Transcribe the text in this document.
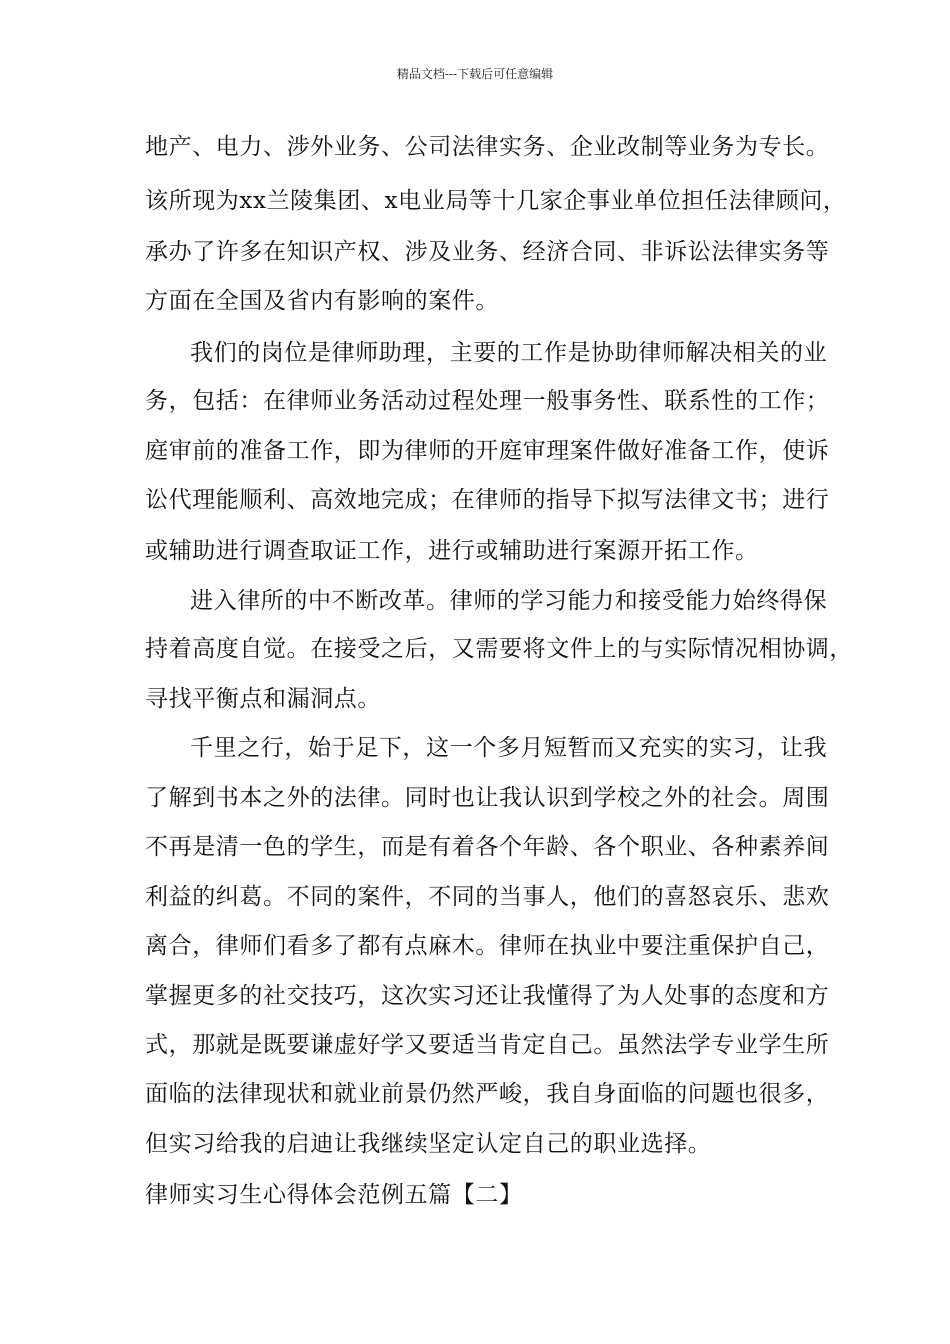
精品文档---下载后可任意编辑
地产、电力、涉外业务、公司法律实务、企业改制等业务为专长。
该所现为xx兰陵集团、x电业局等十几家企事业单位担任法律顾问，
承办了许多在知识产权、涉及业务、经济合同、非诉讼法律实务等
方面在全国及省内有影响的案件。
我们的岗位是律师助理，主要的工作是协助律师解决相关的业
务，包括：在律师业务活动过程处理一般事务性、联系性的工作；
庭审前的准备工作，即为律师的开庭审理案件做好准备工作，使诉
讼代理能顺利、高效地完成；在律师的指导下拟写法律文书；进行
或辅助进行调查取证工作，进行或辅助进行案源开拓工作。
进入律所的中不断改革。律师的学习能力和接受能力始终得保
持着高度自觉。在接受之后，又需要将文件上的与实际情况相协调，
寻找平衡点和漏洞点。
千里之行，始于足下，这一个多月短暂而又充实的实习，让我
了解到书本之外的法律。同时也让我认识到学校之外的社会。周围
不再是清一色的学生，而是有着各个年龄、各个职业、各种素养间
利益的纠葛。不同的案件，不同的当事人，他们的喜怒哀乐、悲欢
离合，律师们看多了都有点麻木。律师在执业中要注重保护自己，
掌握更多的社交技巧，这次实习还让我懂得了为人处事的态度和方
式，那就是既要谦虚好学又要适当肯定自己。虽然法学专业学生所
面临的法律现状和就业前景仍然严峻，我自身面临的问题也很多，
但实习给我的启迪让我继续坚定认定自己的职业选择。
律师实习生心得体会范例五篇【二】
